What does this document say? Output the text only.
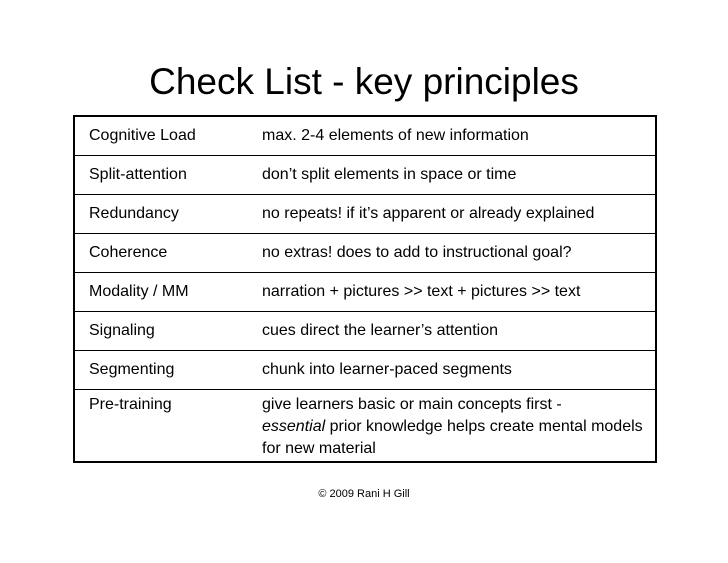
Check List - key principles
Cognitive Load	max. 2-4 elements of new information
Split-attention	don’t split elements in space or time
Redundancy	no repeats! if it’s apparent or already explained
Coherence	no extras! does to add to instructional goal?
Modality / MM	narration + pictures >> text + pictures >> text
Signaling	cues direct the learner’s attention
Segmenting	chunk into learner-paced segments
Pre-training	give learners basic or main concepts first -
essential prior knowledge helps create mental models for new material
© 2009 Rani H Gill
